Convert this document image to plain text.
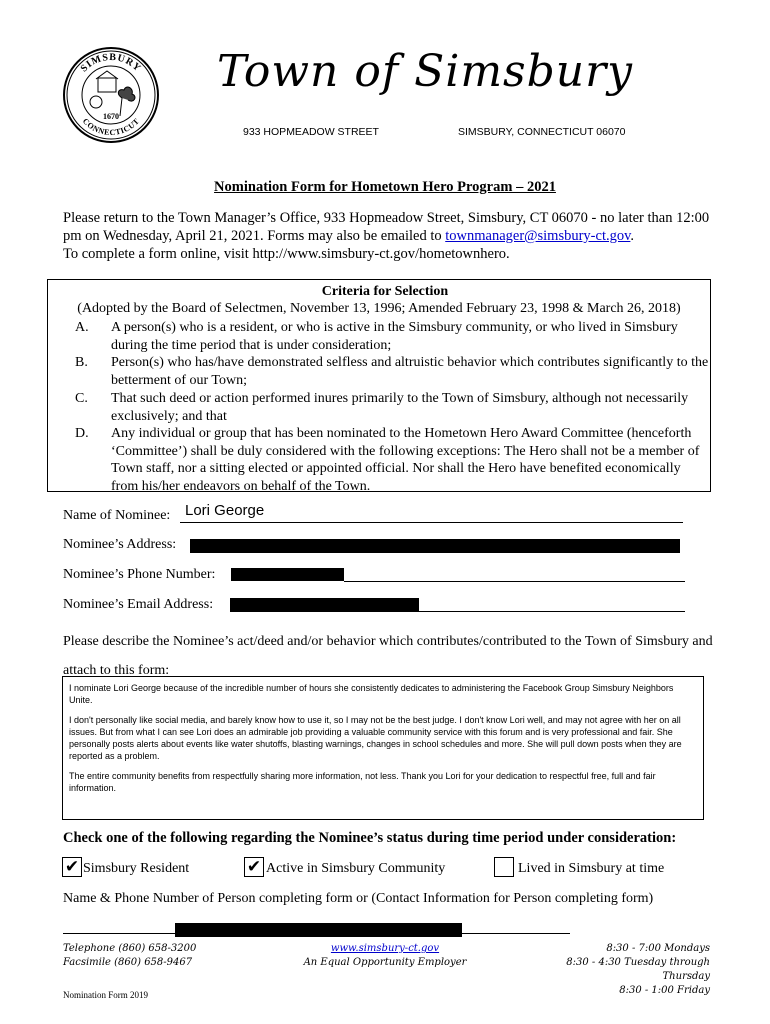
SIMSBURY
CONNECTICUT
1670
Town of Simsbury
933 HOPMEADOW STREET	SIMSBURY, CONNECTICUT 06070
Nomination Form for Hometown Hero Program – 2021
Please return to the Town Manager’s Office, 933 Hopmeadow Street, Simsbury, CT 06070 - no later than 12:00 pm on Wednesday, April 21, 2021. Forms may also be emailed to townmanager@simsbury-ct.gov.
To complete a form online, visit http://www.simsbury-ct.gov/hometownhero.
Criteria for Selection
(Adopted by the Board of Selectmen, November 13, 1996; Amended February 23, 1998 & March 26, 2018)
A.	A person(s) who is a resident, or who is active in the Simsbury community, or who lived in Simsbury during the time period that is under consideration;
B.	Person(s) who has/have demonstrated selfless and altruistic behavior which contributes significantly to the betterment of our Town;
C.	That such deed or action performed inures primarily to the Town of Simsbury, although not necessarily exclusively; and that
D.	Any individual or group that has been nominated to the Hometown Hero Award Committee (henceforth ‘Committee’) shall be duly considered with the following exceptions: The Hero shall not be a member of Town staff, nor a sitting elected or appointed official. Nor shall the Hero have benefited economically from his/her endeavors on behalf of the Town.
Name of Nominee: Lori George
Nominee’s Address:
Nominee’s Phone Number:
Nominee’s Email Address:
Please describe the Nominee’s act/deed and/or behavior which contributes/contributed to the Town of Simsbury and attach to this form:

I nominate Lori George because of the incredible number of hours she consistently dedicates to administering the Facebook Group Simsbury Neighbors Unite.

I don't personally like social media, and barely know how to use it, so I may not be the best judge. I don't know Lori well, and may not agree with her on all issues. But from what I can see Lori does an admirable job providing a valuable community service with this forum and is very professional and fair. She personally posts alerts about events like water shutoffs, blasting warnings, changes in school schedules and more. She will pull down posts when they are reported as a problem.

The entire community benefits from respectfully sharing more information, not less. Thank you Lori for your dedication to respectful free, full and fair information.

Check one of the following regarding the Nominee’s status during time period under consideration:
✔ Simsbury Resident	✔ Active in Simsbury Community	Lived in Simsbury at time
Name & Phone Number of Person completing form or (Contact Information for Person completing form)
Telephone (860) 658-3200
Facsimile (860) 658-9467
www.simsbury-ct.gov
An Equal Opportunity Employer
8:30 - 7:00 Mondays
8:30 - 4:30 Tuesday through Thursday
8:30 - 1:00 Friday
Nomination Form 2019
